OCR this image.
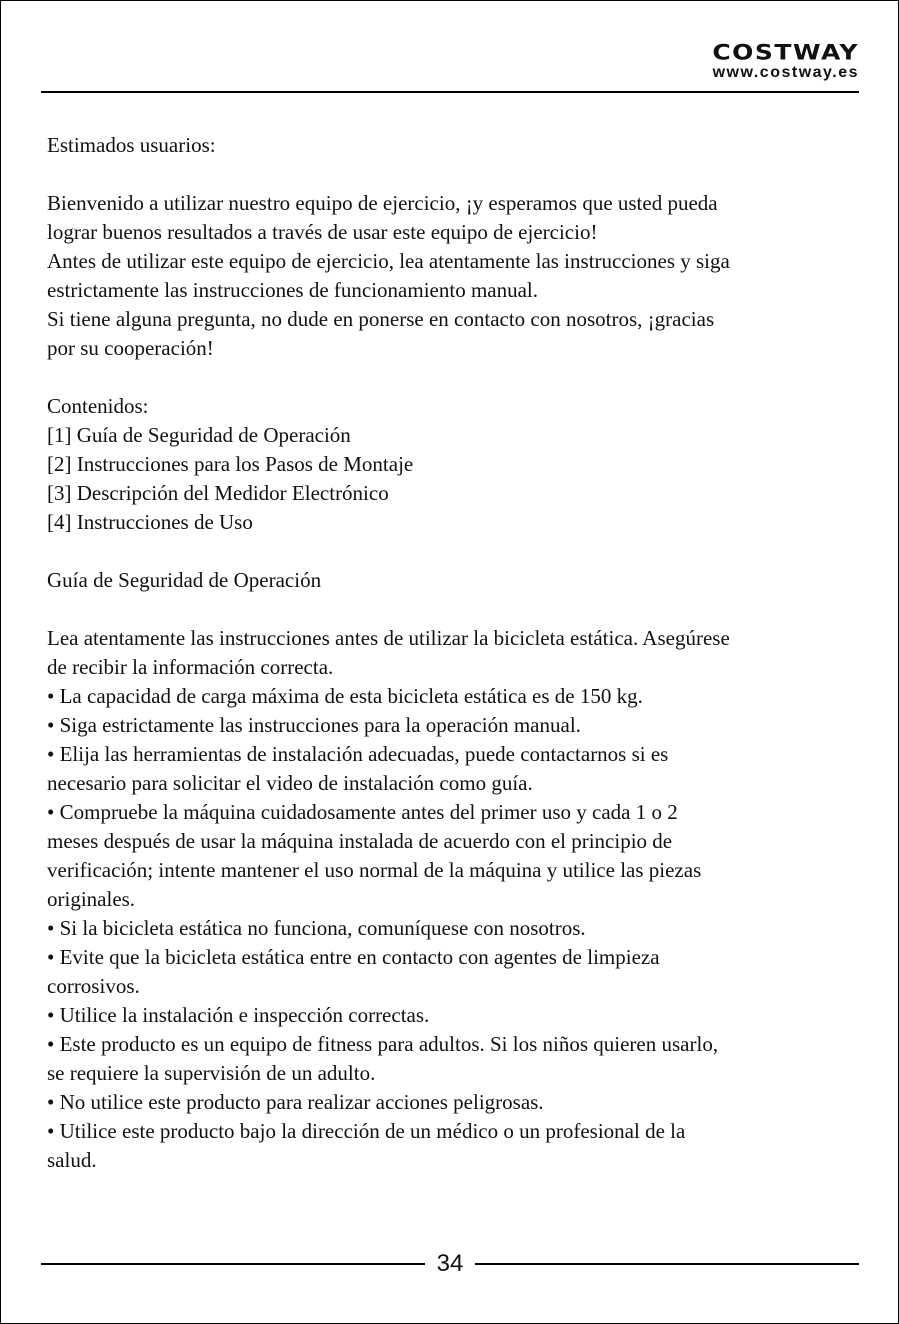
COSTWAY
www.costway.es

Estimados usuarios:

Bienvenido a utilizar nuestro equipo de ejercicio, ¡y esperamos que usted pueda
lograr buenos resultados a través de usar este equipo de ejercicio!

Antes de utilizar este equipo de ejercicio, lea atentamente las instrucciones y siga
estrictamente las instrucciones de funcionamiento manual.

Si tiene alguna pregunta, no dude en ponerse en contacto con nosotros, ¡gracias
por su cooperación!

Contenidos:

[1] Guía de Seguridad de Operación

[2] Instrucciones para los Pasos de Montaje

[3] Descripción del Medidor Electrónico

[4] Instrucciones de Uso

Guía de Seguridad de Operación

Lea atentamente las instrucciones antes de utilizar la bicicleta estática. Asegúrese
de recibir la información correcta.

• La capacidad de carga máxima de esta bicicleta estática es de 150 kg.

• Siga estrictamente las instrucciones para la operación manual.

• Elija las herramientas de instalación adecuadas, puede contactarnos si es
necesario para solicitar el video de instalación como guía.

• Compruebe la máquina cuidadosamente antes del primer uso y cada 1 o 2
meses después de usar la máquina instalada de acuerdo con el principio de
verificación; intente mantener el uso normal de la máquina y utilice las piezas
originales.

• Si la bicicleta estática no funciona, comuníquese con nosotros.

• Evite que la bicicleta estática entre en contacto con agentes de limpieza
corrosivos.

• Utilice la instalación e inspección correctas.

• Este producto es un equipo de fitness para adultos. Si los niños quieren usarlo,
se requiere la supervisión de un adulto.

• No utilice este producto para realizar acciones peligrosas.

• Utilice este producto bajo la dirección de un médico o un profesional de la
salud.

34
